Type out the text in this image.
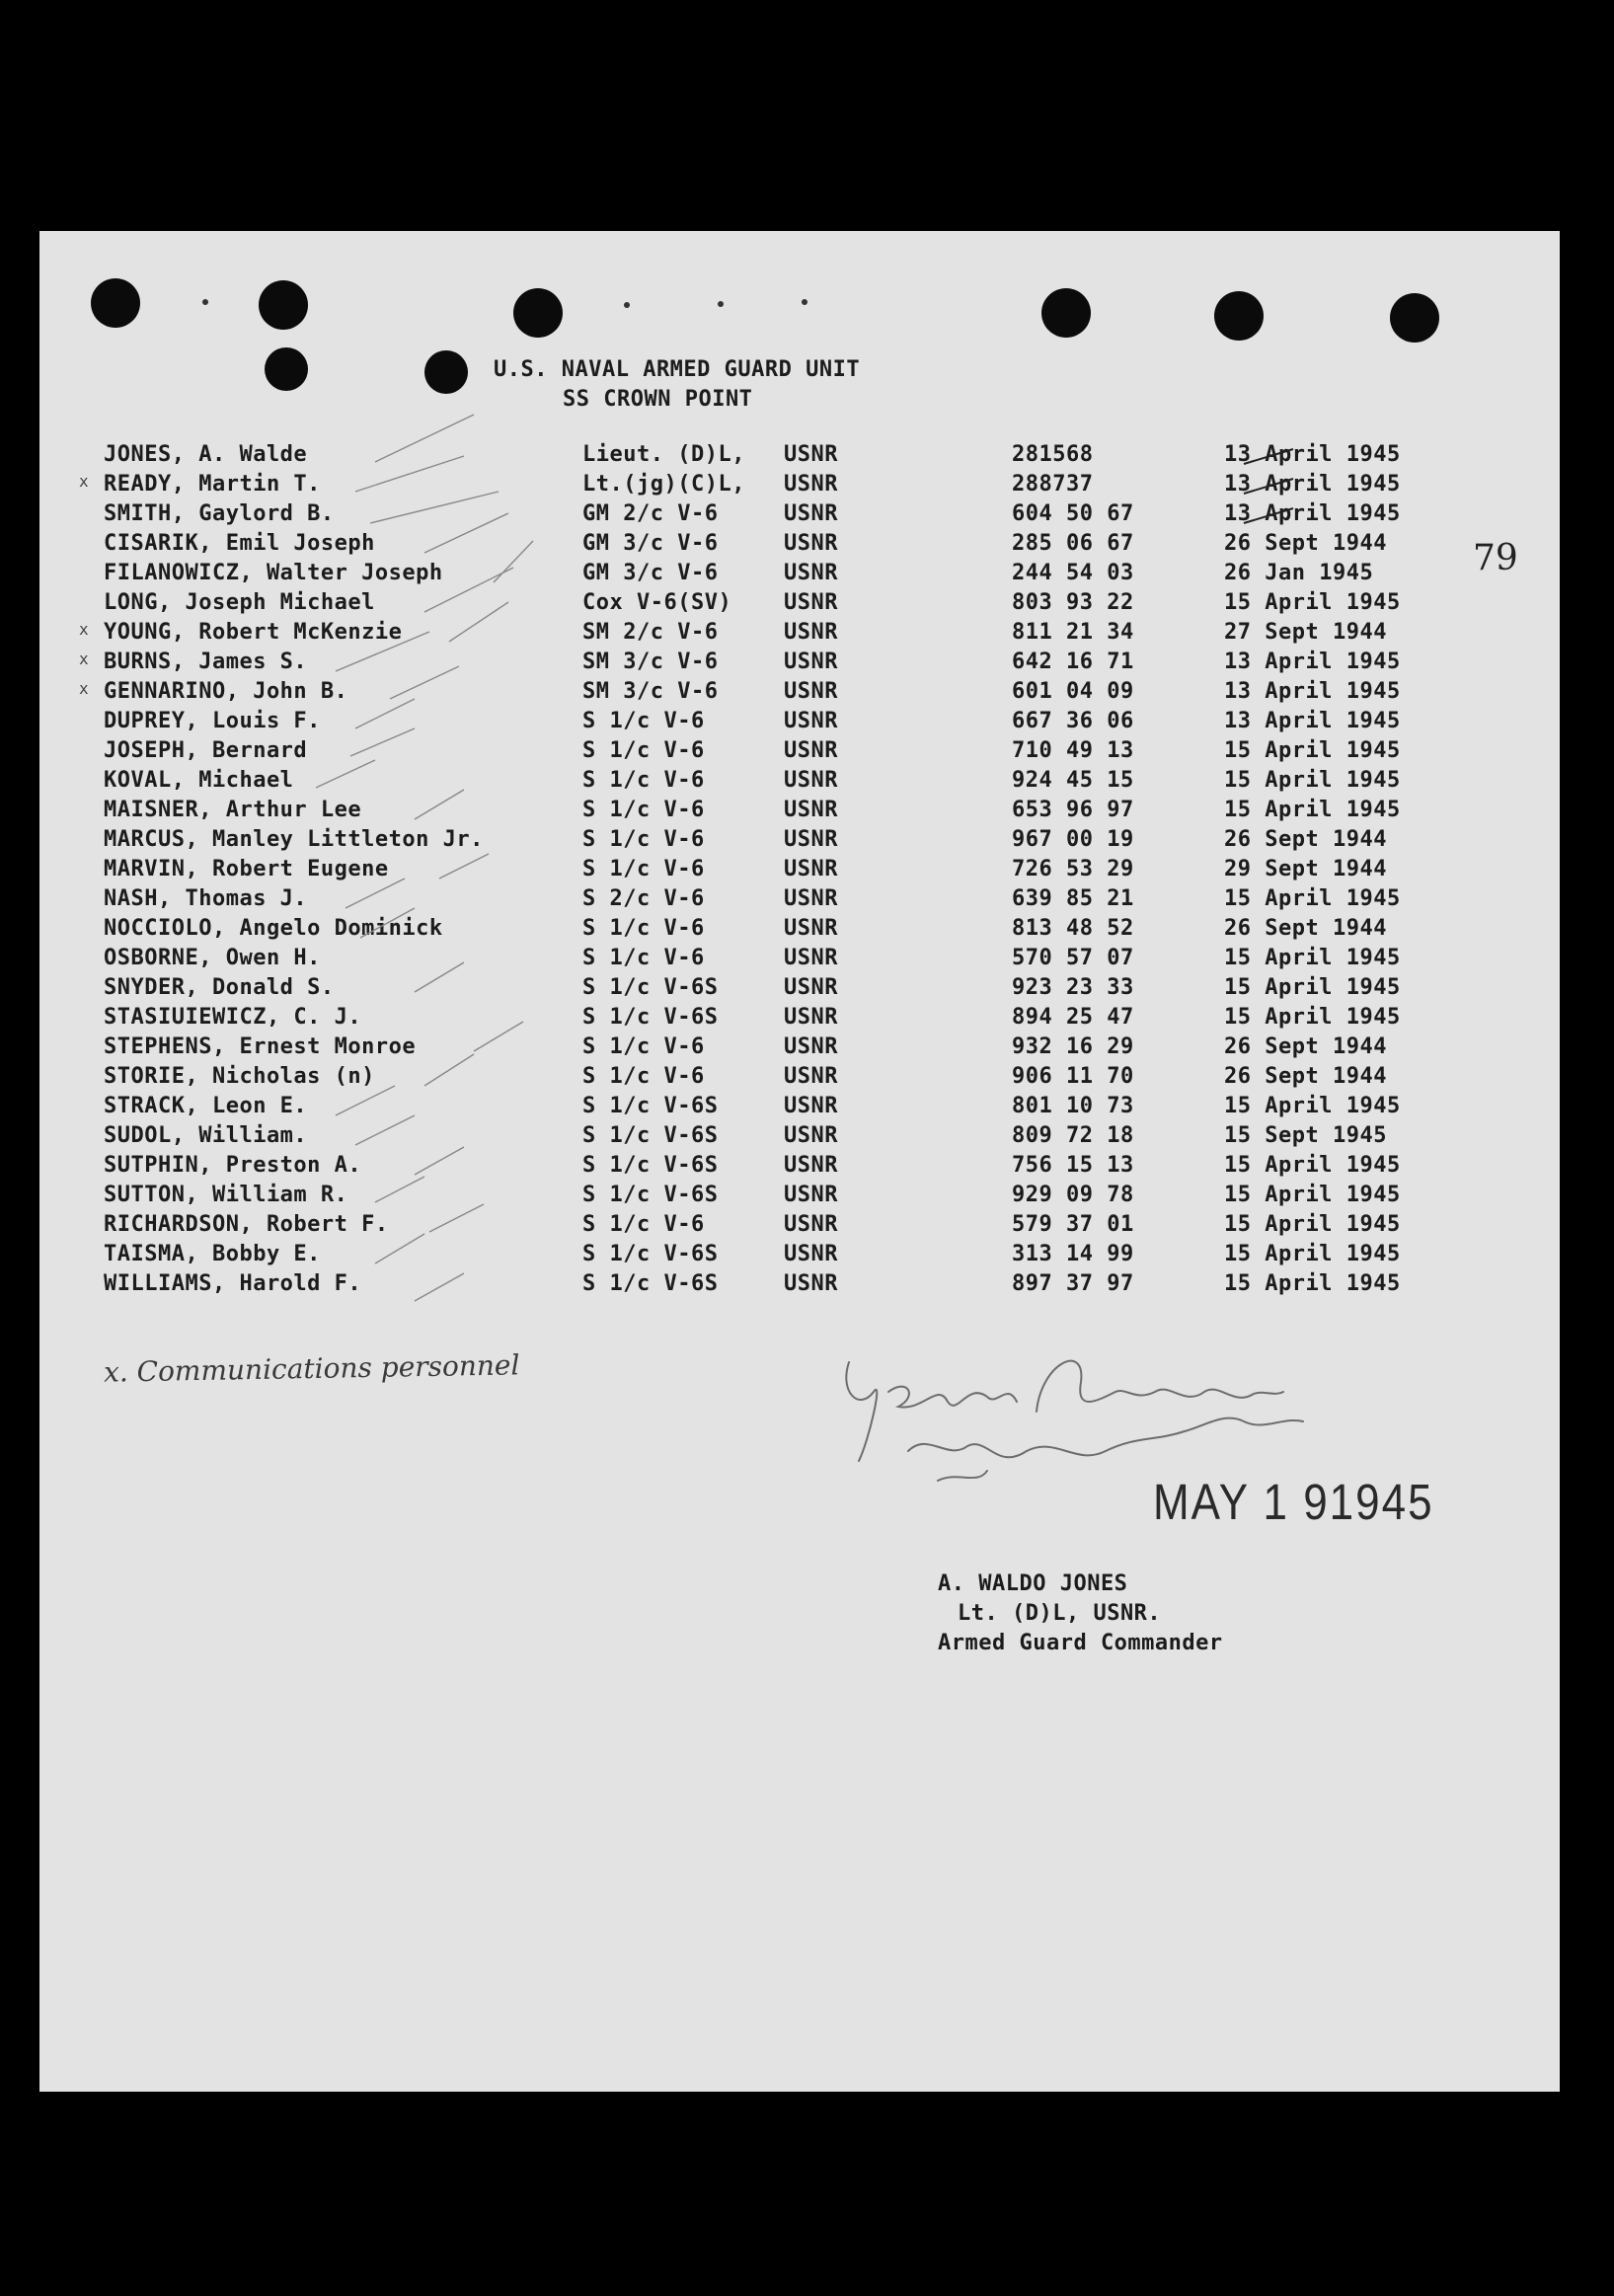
U.S. NAVAL ARMED GUARD UNIT
SS CROWN POINT
79
JONES, A. Walde	Lieut. (D)L, USNR	281568	13 April 1945
x READY, Martin T.	Lt.(jg)(C)L, USNR	288737	13 April 1945
SMITH, Gaylord B.	GM 2/c V-6	USNR	604 50 67	13 April 1945
CISARIK, Emil Joseph	GM 3/c V-6	USNR	285 06 67	26 Sept 1944
FILANOWICZ, Walter Joseph	GM 3/c V-6	USNR	244 54 03	26 Jan 1945
LONG, Joseph Michael	Cox V-6(SV) USNR	803 93 22	15 April 1945
x YOUNG, Robert McKenzie	SM 2/c V-6	USNR	811 21 34	27 Sept 1944
x BURNS, James S.	SM 3/c V-6	USNR	642 16 71	13 April 1945
x GENNARINO, John B.	SM 3/c V-6	USNR	601 04 09	13 April 1945
DUPREY, Louis F.	S 1/c V-6	USNR	667 36 06	13 April 1945
JOSEPH, Bernard	S 1/c V-6	USNR	710 49 13	15 April 1945
KOVAL, Michael	S 1/c V-6	USNR	924 45 15	15 April 1945
MAISNER, Arthur Lee	S 1/c V-6	USNR	653 96 97	15 April 1945
MARCUS, Manley Littleton Jr.	S 1/c V-6	USNR	967 00 19	26 Sept 1944
MARVIN, Robert Eugene	S 1/c V-6	USNR	726 53 29	29 Sept 1944
NASH, Thomas J.	S 2/c V-6	USNR	639 85 21	15 April 1945
NOCCIOLO, Angelo Dominick	S 1/c V-6	USNR	813 48 52	26 Sept 1944
OSBORNE, Owen H.	S 1/c V-6	USNR	570 57 07	15 April 1945
SNYDER, Donald S.	S 1/c V-6S	USNR	923 23 33	15 April 1945
STASIUIEWICZ, C. J.	S 1/c V-6S	USNR	894 25 47	15 April 1945
STEPHENS, Ernest Monroe	S 1/c V-6	USNR	932 16 29	26 Sept 1944
STORIE, Nicholas (n)	S 1/c V-6	USNR	906 11 70	26 Sept 1944
STRACK, Leon E.	S 1/c V-6S	USNR	801 10 73	15 April 1945
SUDOL, William.	S 1/c V-6S	USNR	809 72 18	15 Sept 1945
SUTPHIN, Preston A.	S 1/c V-6S	USNR	756 15 13	15 April 1945
SUTTON, William R.	S 1/c V-6S	USNR	929 09 78	15 April 1945
RICHARDSON, Robert F.	S 1/c V-6	USNR	579 37 01	15 April 1945
TAISMA, Bobby E.	S 1/c V-6S	USNR	313 14 99	15 April 1945
WILLIAMS, Harold F.	S 1/c V-6S	USNR	897 37 97	15 April 1945
x. Communications personnel
MAY 1 91945
A. WALDO JONES
Lt. (D)L, USNR.
Armed Guard Commander
